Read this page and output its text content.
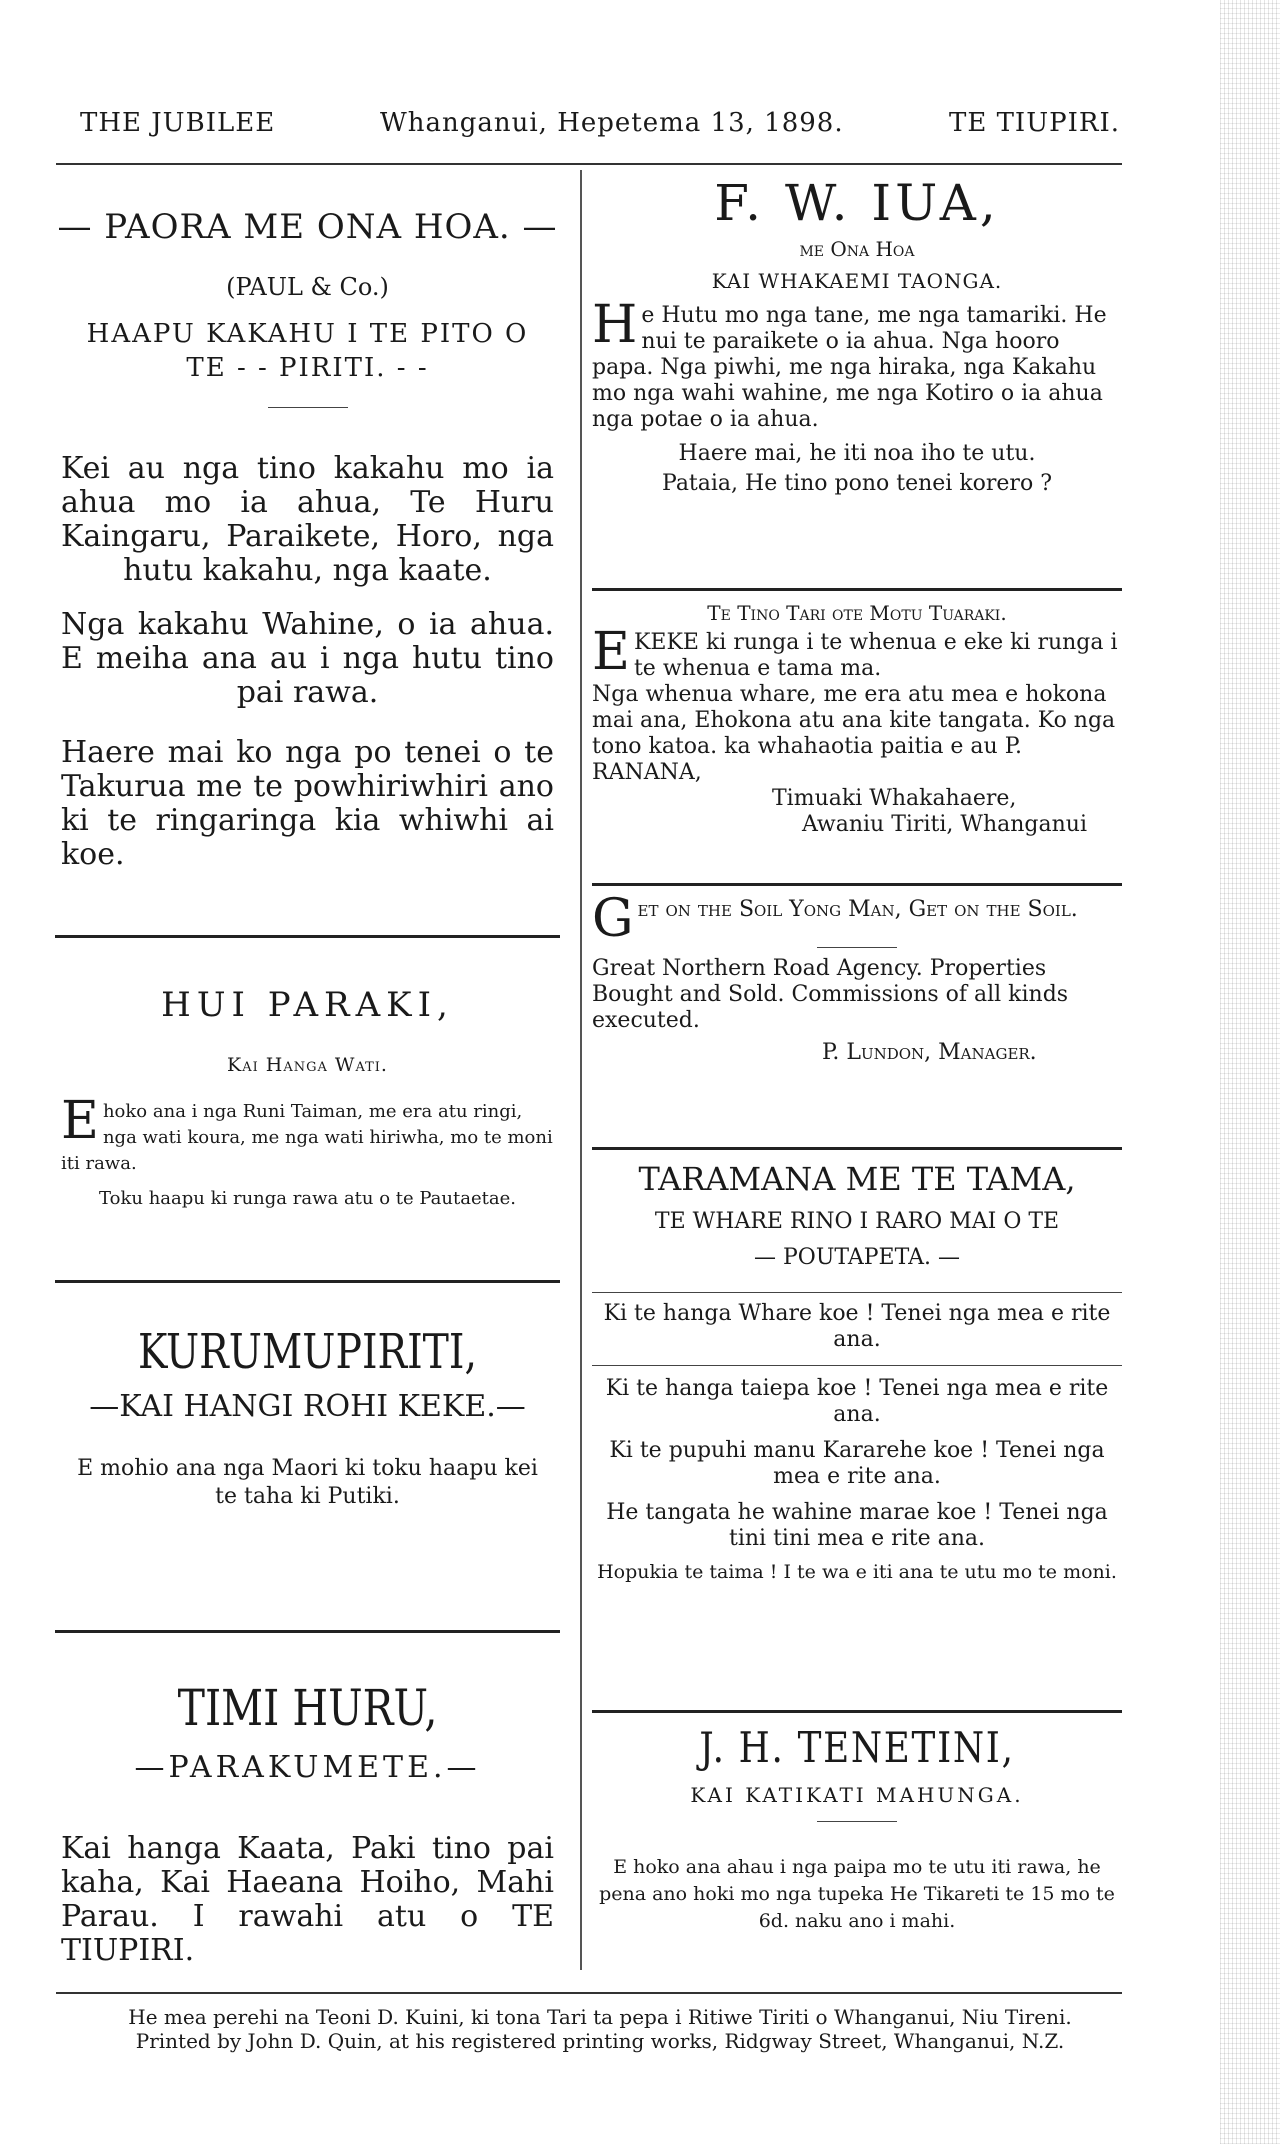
THE JUBILEE	Whanganui, Hepetema 13, 1898.	TE TIUPIRI.

— PAORA ME ONA HOA. —

(PAUL & Co.)

HAAPU KAKAHU I TE PITO O TE - - PIRITI. - -

Kei au nga tino kakahu mo ia ahua mo ia ahua, Te Huru Kaingaru, Paraikete, Horo, nga hutu kakahu, nga kaate.

Nga kakahu Wahine, o ia ahua. E meiha ana au i nga hutu tino pai rawa.

Haere mai ko nga po tenei o te Takurua me te powhiriwhiri ano ki te ringaringa kia whiwhi ai koe.

HUI PARAKI,

Kai Hanga Wati.

E hoko ana i nga Runi Taiman, me era atu ringi, nga wati koura, me nga wati hiriwha, mo te moni iti rawa.

Toku haapu ki runga rawa atu o te Pautaetae.

KURUMUPIRITI,

—KAI HANGI ROHI KEKE.—

E mohio ana nga Maori ki toku haapu kei te taha ki Putiki.

TIMI HURU,

—PARAKUMETE.—

Kai hanga Kaata, Paki tino pai kaha, Kai Haeana Hoiho, Mahi Parau. I rawahi atu o TE TIUPIRI.

F. W. IUA,

me Ona Hoa

KAI WHAKAEMI TAONGA.

H e Hutu mo nga tane, me nga tamariki. He nui te paraikete o ia ahua. Nga hooro papa. Nga piwhi, me nga hiraka, nga Kakahu mo nga wahi wahine, me nga Kotiro o ia ahua nga potae o ia ahua.

Haere mai, he iti noa iho te utu.

Pataia, He tino pono tenei korero ?

Te Tino Tari ote Motu Tuaraki.

E KEKE ki runga i te whenua e eke ki runga i te whenua e tama ma.

Nga whenua whare, me era atu mea e hokona mai ana, Ehokona atu ana kite tangata. Ko nga tono katoa. ka whahaotia paitia e au P. RANANA,

Timuaki Whakahaere,

Awaniu Tiriti, Whanganui

G et on the Soil Yong Man, Get on the Soil.

Great Northern Road Agency. Properties Bought and Sold. Commissions of all kinds executed.

P. Lundon, Manager.

TARAMANA ME TE TAMA,

TE WHARE RINO I RARO MAI O TE — POUTAPETA. —

Ki te hanga Whare koe ! Tenei nga mea e rite ana.

Ki te hanga taiepa koe ! Tenei nga mea e rite ana.

Ki te pupuhi manu Kararehe koe ! Tenei nga mea e rite ana.

He tangata he wahine marae koe ! Tenei nga tini tini mea e rite ana.

Hopukia te taima ! I te wa e iti ana te utu mo te moni.

J. H. TENETINI,

KAI KATIKATI MAHUNGA.

E hoko ana ahau i nga paipa mo te utu iti rawa, he pena ano hoki mo nga tupeka He Tikareti te 15 mo te 6d. naku ano i mahi.

He mea perehi na Teoni D. Kuini, ki tona Tari ta pepa i Ritiwe Tiriti o Whanganui, Niu Tireni.

Printed by John D. Quin, at his registered printing works, Ridgway Street, Whanganui, N.Z.
